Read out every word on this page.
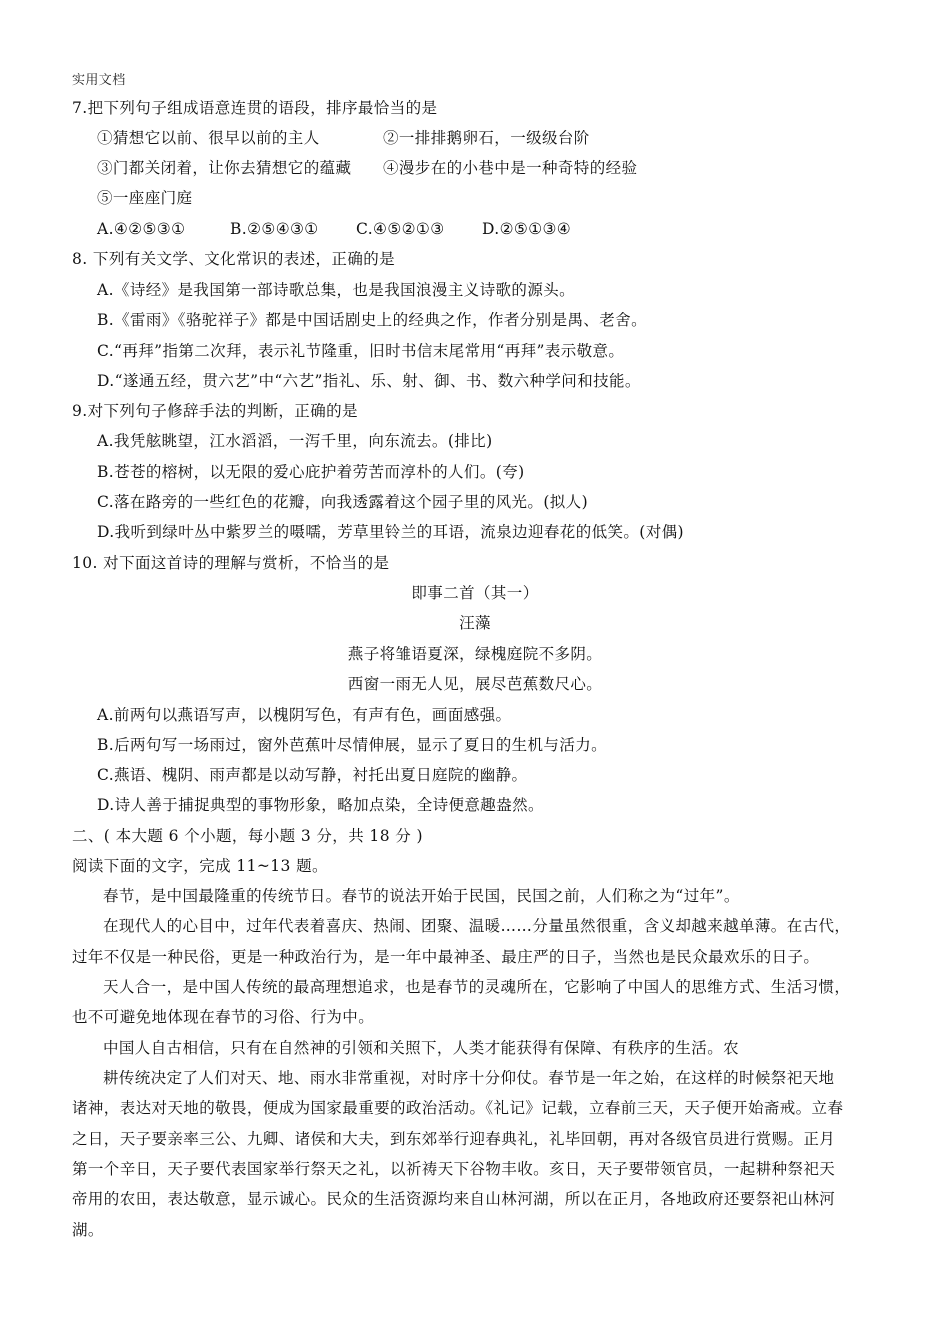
实用文档
7.把下列句子组成语意连贯的语段，排序最恰当的是
①猜想它以前、很早以前的主人	②一排排鹅卵石，一级级台阶
③门都关闭着，让你去猜想它的蕴藏 ④漫步在的小巷中是一种奇特的经验
⑤一座座门庭
A.④②⑤③①	B.②⑤④③① C.④⑤②①③ D.②⑤①③④
8. 下列有关文学、文化常识的表述，正确的是
A.《诗经》是我国第一部诗歌总集，也是我国浪漫主义诗歌的源头。
B.《雷雨》《骆驼祥子》都是中国话剧史上的经典之作，作者分别是禺、老舍。
C.“再拜”指第二次拜，表示礼节隆重，旧时书信末尾常用“再拜”表示敬意。
D.“遂通五经，贯六艺”中“六艺”指礼、乐、射、御、书、数六种学问和技能。
9.对下列句子修辞手法的判断，正确的是
A.我凭舷眺望，江水滔滔，一泻千里，向东流去。(排比)
B.苍苍的榕树，以无限的爱心庇护着劳苦而淳朴的人们。(夸)
C.落在路旁的一些红色的花瓣，向我透露着这个园子里的风光。(拟人)
D.我听到绿叶丛中紫罗兰的嗫嚅，芳草里铃兰的耳语，流泉边迎春花的低笑。(对偶)
10. 对下面这首诗的理解与赏析，不恰当的是
即事二首（其一）
汪藻
燕子将雏语夏深，绿槐庭院不多阴。
西窗一雨无人见，展尽芭蕉数尺心。
A.前两句以燕语写声，以槐阴写色，有声有色，画面感强。
B.后两句写一场雨过，窗外芭蕉叶尽情伸展，显示了夏日的生机与活力。
C.燕语、槐阴、雨声都是以动写静，衬托出夏日庭院的幽静。
D.诗人善于捕捉典型的事物形象，略加点染，全诗便意趣盎然。
二、( 本大题 6 个小题，每小题 3 分，共 18 分 )
阅读下面的文字，完成 11~13 题。
春节，是中国最隆重的传统节日。春节的说法开始于民国，民国之前，人们称之为“过年”。
在现代人的心目中，过年代表着喜庆、热闹、团聚、温暖……分量虽然很重，含义却越来越单薄。在古代，
过年不仅是一种民俗，更是一种政治行为，是一年中最神圣、最庄严的日子，当然也是民众最欢乐的日子。
天人合一，是中国人传统的最高理想追求，也是春节的灵魂所在，它影响了中国人的思维方式、生活习惯，
也不可避免地体现在春节的习俗、行为中。
中国人自古相信，只有在自然神的引领和关照下，人类才能获得有保障、有秩序的生活。农
耕传统决定了人们对天、地、雨水非常重视，对时序十分仰仗。春节是一年之始，在这样的时候祭祀天地
诸神，表达对天地的敬畏，便成为国家最重要的政治活动。《礼记》记载，立春前三天，天子便开始斋戒。立春
之日，天子要亲率三公、九卿、诸侯和大夫，到东郊举行迎春典礼，礼毕回朝，再对各级官员进行赏赐。正月
第一个辛日，天子要代表国家举行祭天之礼，以祈祷天下谷物丰收。亥日，天子要带领官员，一起耕种祭祀天
帝用的农田，表达敬意，显示诚心。民众的生活资源均来自山林河湖，所以在正月，各地政府还要祭祀山林河
湖。
